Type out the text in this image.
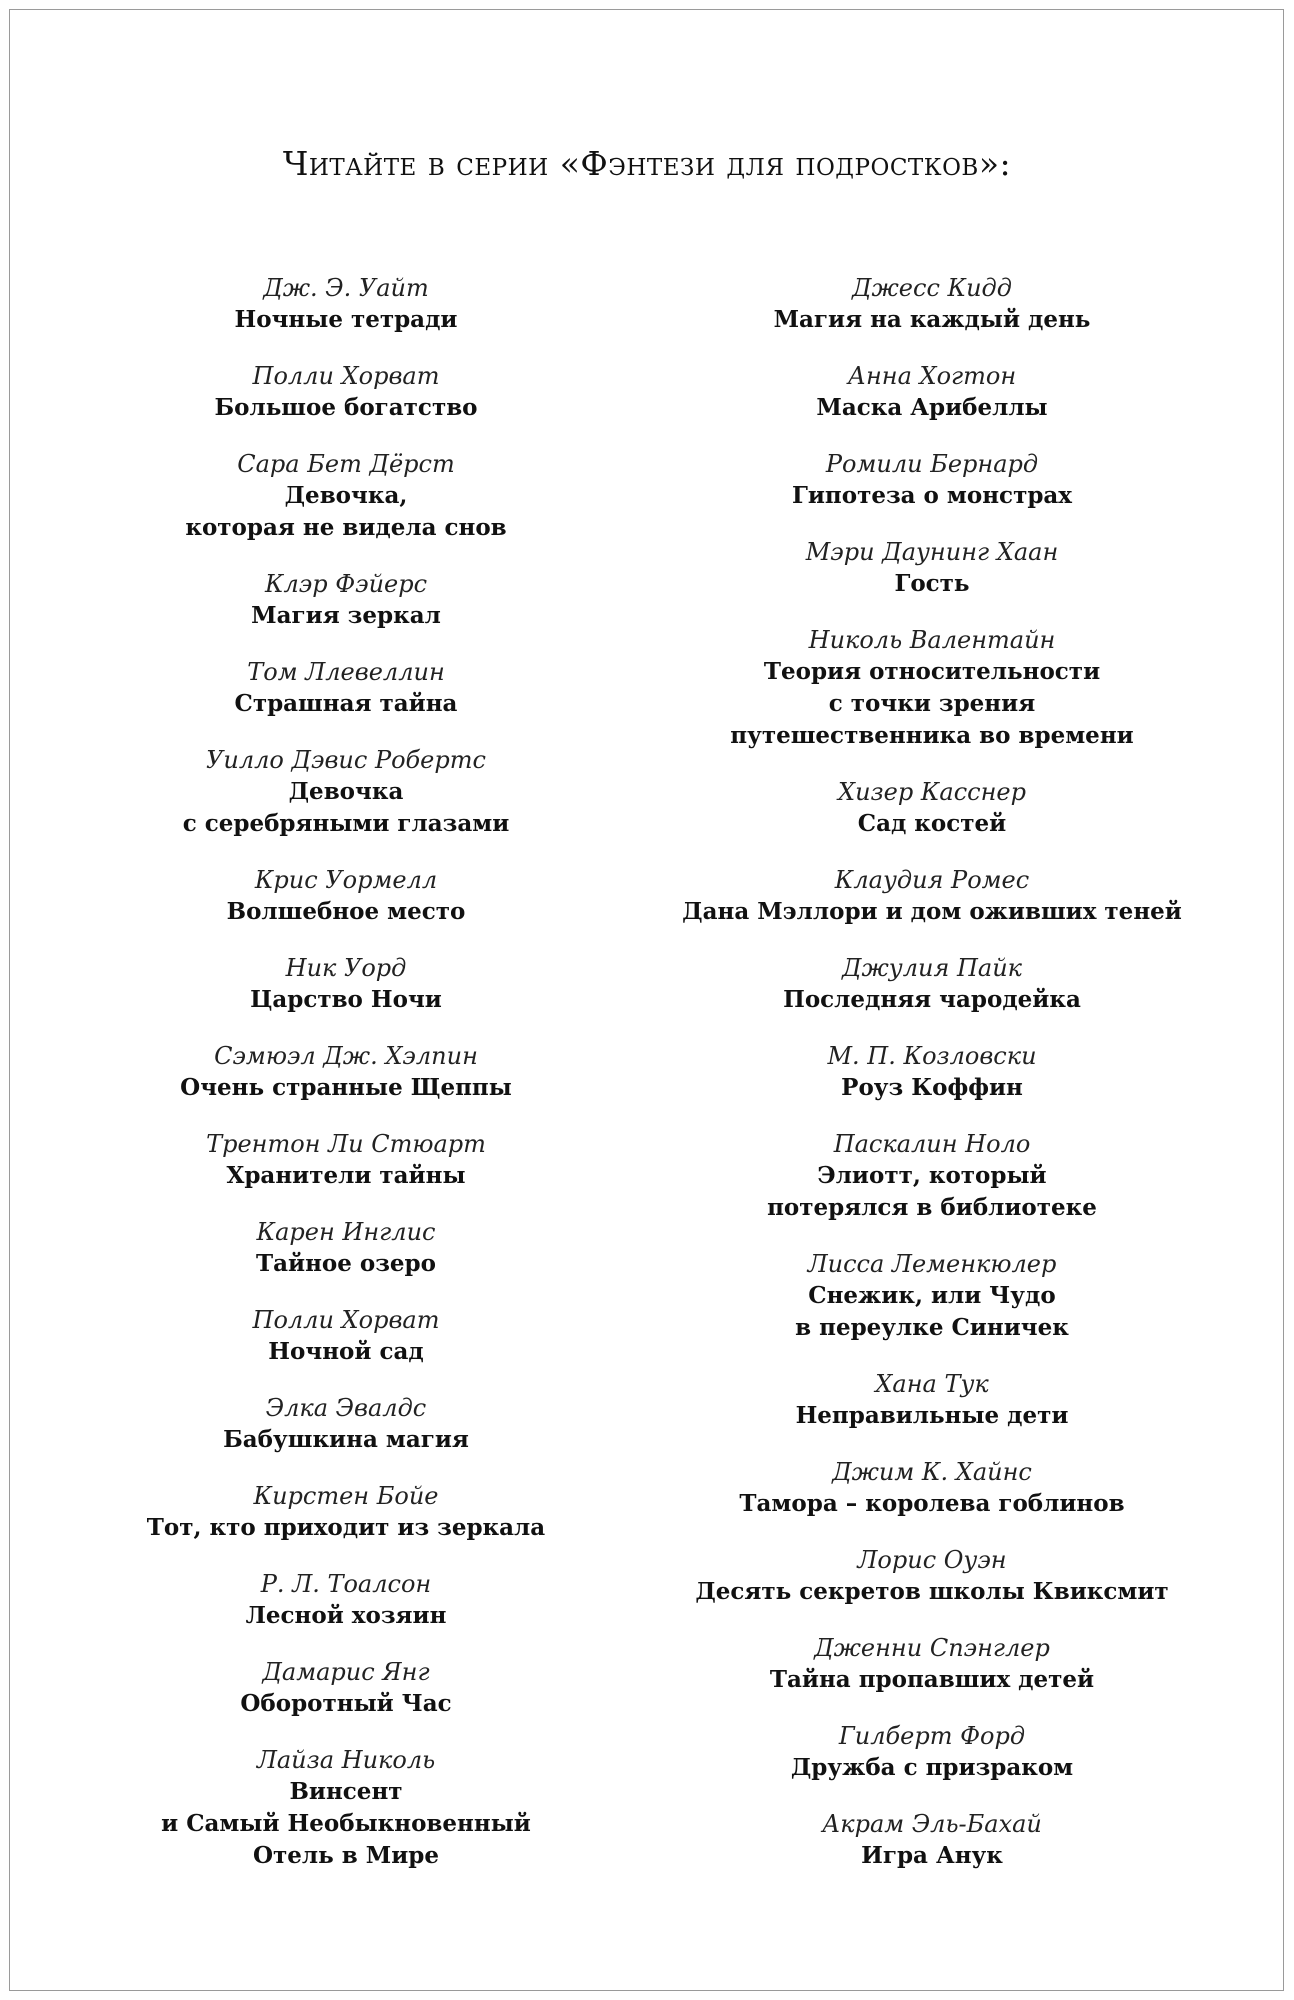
Читайте в серии «Фэнтези для подростков»:
Дж. Э. Уайт
Ночные тетради
Полли Хорват
Большое богатство
Сара Бет Дёрст
Девочка,
которая не видела снов
Клэр Фэйерс
Магия зеркал
Том Ллевеллин
Страшная тайна
Уилло Дэвис Робертс
Девочка
с серебряными глазами
Крис Уормелл
Волшебное место
Ник Уорд
Царство Ночи
Сэмюэл Дж. Хэлпин
Очень странные Щеппы
Трентон Ли Стюарт
Хранители тайны
Карен Инглис
Тайное озеро
Полли Хорват
Ночной сад
Элка Эвалдс
Бабушкина магия
Кирстен Бойе
Тот, кто приходит из зеркала
Р. Л. Тоалсон
Лесной хозяин
Дамарис Янг
Оборотный Час
Лайза Николь
Винсент
и Самый Необыкновенный
Отель в Мире
Джесс Кидд
Магия на каждый день
Анна Хогтон
Маска Арибеллы
Ромили Бернард
Гипотеза о монстрах
Мэри Даунинг Хаан
Гость
Николь Валентайн
Теория относительности
с точки зрения
путешественника во времени
Хизер Касснер
Сад костей
Клаудия Ромес
Дана Мэллори и дом оживших теней
Джулия Пайк
Последняя чародейка
М. П. Козловски
Роуз Коффин
Паскалин Ноло
Элиотт, который
потерялся в библиотеке
Лисса Леменкюлер
Снежик, или Чудо
в переулке Синичек
Хана Тук
Неправильные дети
Джим К. Хайнс
Тамора – королева гоблинов
Лорис Оуэн
Десять секретов школы Квиксмит
Дженни Спэнглер
Тайна пропавших детей
Гилберт Форд
Дружба с призраком
Акрам Эль-Бахай
Игра Анук
